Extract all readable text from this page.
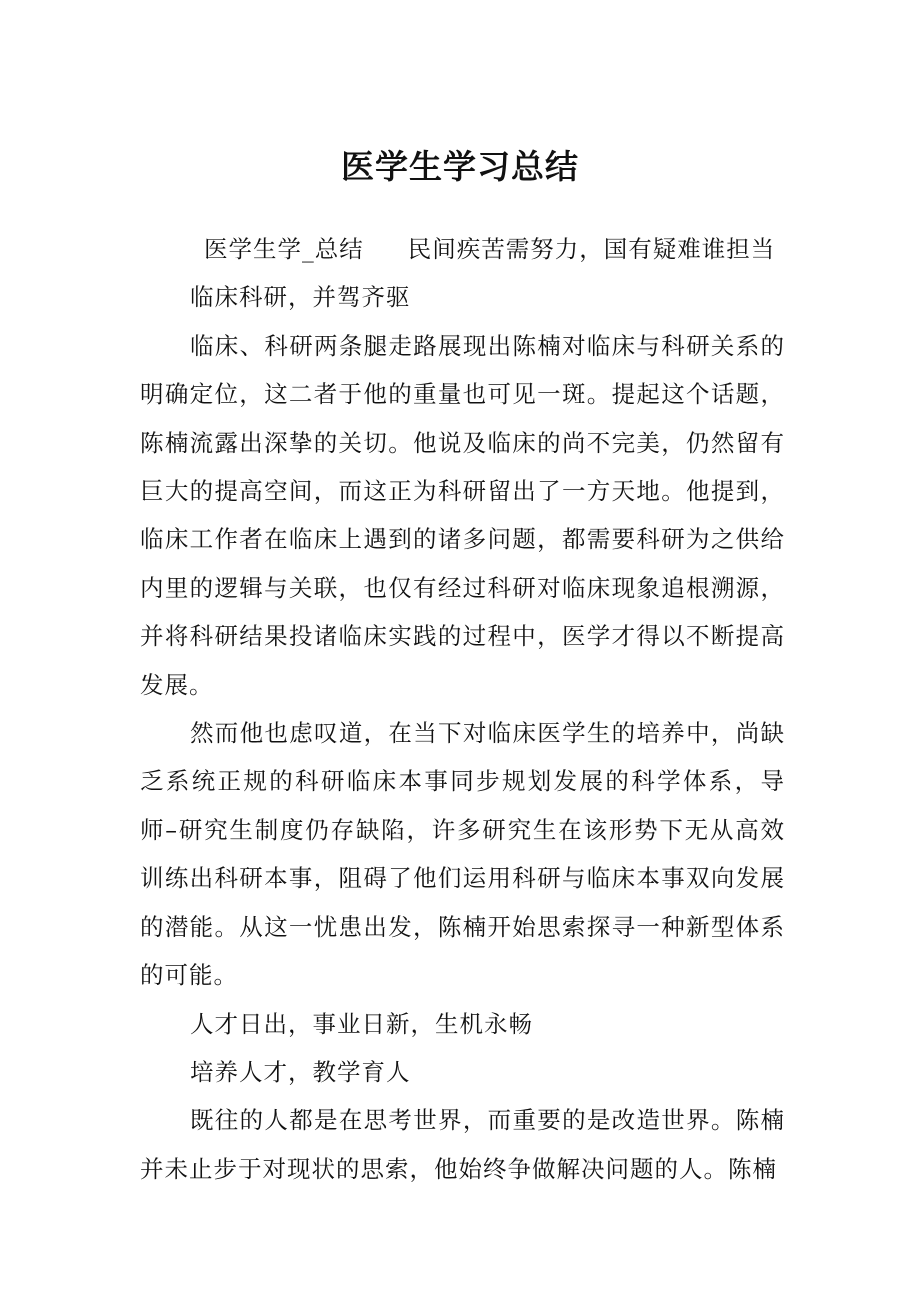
医学生学习总结

医学生学_总结 民间疾苦需努力，国有疑难谁担当

临床科研，并驾齐驱

临床、科研两条腿走路展现出陈楠对临床与科研关系的明确定位，这二者于他的重量也可见一斑。提起这个话题，陈楠流露出深挚的关切。他说及临床的尚不完美，仍然留有巨大的提高空间，而这正为科研留出了一方天地。他提到，临床工作者在临床上遇到的诸多问题，都需要科研为之供给内里的逻辑与关联，也仅有经过科研对临床现象追根溯源，并将科研结果投诸临床实践的过程中，医学才得以不断提高发展。

然而他也虑叹道，在当下对临床医学生的培养中，尚缺乏系统正规的科研临床本事同步规划发展的科学体系，导师–研究生制度仍存缺陷，许多研究生在该形势下无从高效训练出科研本事，阻碍了他们运用科研与临床本事双向发展的潜能。从这一忧患出发，陈楠开始思索探寻一种新型体系的可能。

人才日出，事业日新，生机永畅

培养人才，教学育人

既往的人都是在思考世界，而重要的是改造世界。陈楠并未止步于对现状的思索，他始终争做解决问题的人。陈楠
